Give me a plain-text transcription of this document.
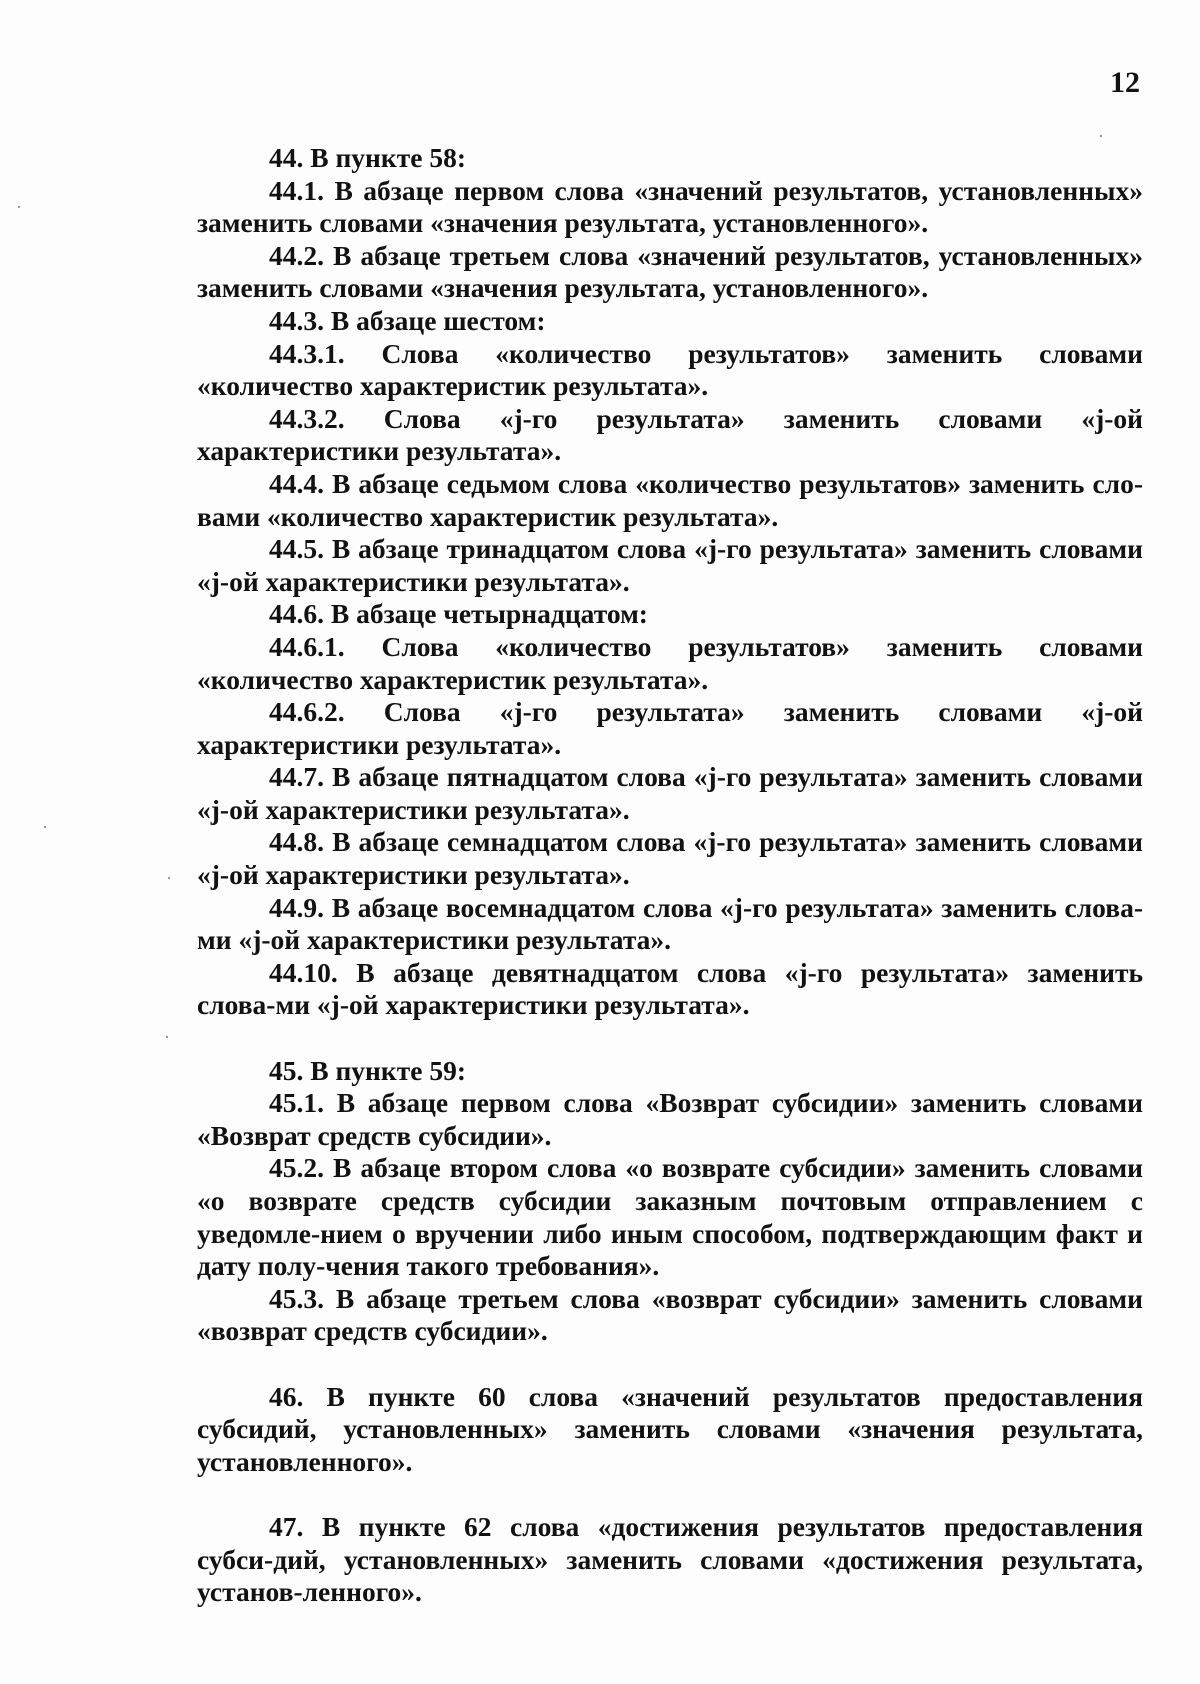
12

44. В пункте 58:

44.1. В абзаце первом слова «значений результатов, установленных» заменить словами «значения результата, установленного».

44.2. В абзаце третьем слова «значений результатов, установленных» заменить словами «значения результата, установленного».

44.3. В абзаце шестом:

44.3.1. Слова «количество результатов» заменить словами «количество характеристик результата».

44.3.2. Слова «j-го результата» заменить словами «j-ой характеристики результата».

44.4. В абзаце седьмом слова «количество результатов» заменить сло-вами «количество характеристик результата».

44.5. В абзаце тринадцатом слова «j-го результата» заменить словами «j-ой характеристики результата».

44.6. В абзаце четырнадцатом:

44.6.1. Слова «количество результатов» заменить словами «количество характеристик результата».

44.6.2. Слова «j-го результата» заменить словами «j-ой характеристики результата».

44.7. В абзаце пятнадцатом слова «j-го результата» заменить словами «j-ой характеристики результата».

44.8. В абзаце семнадцатом слова «j-го результата» заменить словами «j-ой характеристики результата».

44.9. В абзаце восемнадцатом слова «j-го результата» заменить слова-ми «j-ой характеристики результата».

44.10. В абзаце девятнадцатом слова «j-го результата» заменить слова-ми «j-ой характеристики результата».

45. В пункте 59:

45.1. В абзаце первом слова «Возврат субсидии» заменить словами «Возврат средств субсидии».

45.2. В абзаце втором слова «о возврате субсидии» заменить словами «о возврате средств субсидии заказным почтовым отправлением с уведомле-нием о вручении либо иным способом, подтверждающим факт и дату полу-чения такого требования».

45.3. В абзаце третьем слова «возврат субсидии» заменить словами «возврат средств субсидии».

46. В пункте 60 слова «значений результатов предоставления субсидий, установленных» заменить словами «значения результата, установленного».

47. В пункте 62 слова «достижения результатов предоставления субси-дий, установленных» заменить словами «достижения результата, установ-ленного».
